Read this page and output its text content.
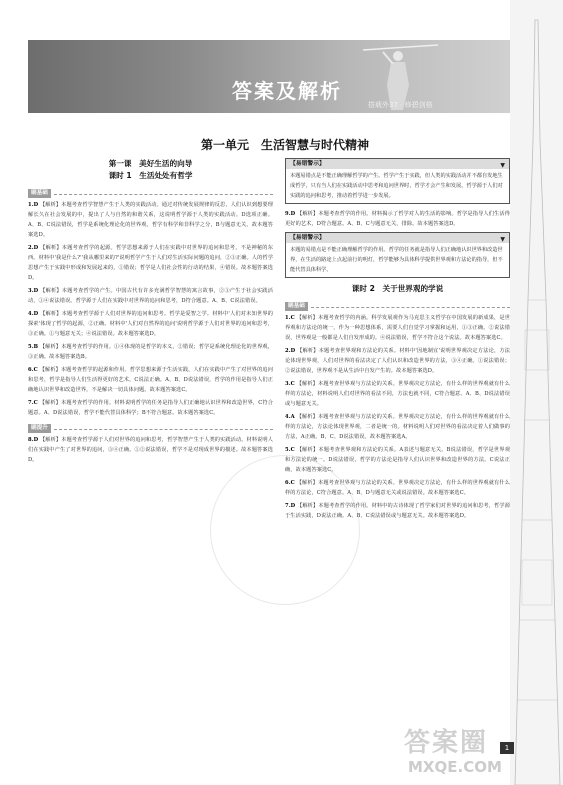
答案及解析
搭载外37 · 修碧剑格
第一单元　生活智慧与时代精神
第一课　美好生活的向导
课时 1　生活处处有哲学
刷基础
1.D 【解析】本题考查哲学智慧产生于人类的实践活动。通过对传统发展规律的反思，人们认识到想要理解长久在社会发展的中，提出了人与自然的和谐关系，这说明哲学源于人类的实践活动。D选项正确。A、B、C说法错误，哲学是系统化理论化的世界观，哲学有科学和非科学之分，B与题意无关。故本题答案选D。
2.D 【解析】本题考查哲学的起源。哲学思想来源于人们在实践中对世界的追问和思考，不是神秘的东西。材料中'我是什么?''我从哪里来的?'说明哲学产生于人们对生活实际问题的追问，②③正确。人的哲学思想产生于实践中形成和发展起来的，①错误；哲学是人们社会性的行动的结果，④错误。故本题答案选D。
3.D 【解析】本题考查哲学的产生。中国古代有许多充满哲学智慧的寓言故事，②③产生于社会实践活动，①④说法错误。哲学源于人们在实践中对世界的追问和思考，D符合题意。A、B、C说法错误。
4.D 【解析】本题考查哲学源于人们对世界的追问和思考。哲学是爱智之学。材料中'人们对未知世界的探索'体现了哲学的起源，②正确。材料中'人们对自然界的追问'说明哲学源于人们对世界的追问和思考，③正确。①与题意无关；④说法错误。故本题答案选D。
5.B 【解析】本题考查哲学的作用。①④体现的是哲学的本义，②错误；哲学是系统化理论化的世界观，③正确。故本题答案选B。
6.C 【解析】本题考查哲学的起源和作用。哲学思想来源于生活实践，人们在实践中产生了对世界的追问和思考，哲学是指导人们生活得更好的艺术，C说法正确。A、B、D说法错误，哲学的作用是指导人们正确地认识世界和改造世界，不是解决一切具体问题。故本题答案选C。
7.C 【解析】本题考查哲学的作用。材料说明哲学的任务是指导人们正确地认识世界和改造世界，C符合题意。A、D说法错误，哲学不能代替具体科学；B不符合题意。故本题答案选C。
刷提升
8.D 【解析】本题考查哲学源于人们对世界的追问和思考，哲学智慧产生于人类的实践活动。材料说明人们在实践中产生了对世界的追问，③④正确。①②说法错误，哲学不是对现成世界的描述。故本题答案选D。
【易错警示】	▼
本题易错点是不能正确理解哲学的产生。哲学产生于实践，但人类的实践活动并不都自发地生成哲学，只有当人们在实践活动中思考和追问世界时，哲学才会产生和发展。哲学源于人们对实践的追问和思考，推动着哲学进一步发展。
9.D 【解析】本题考查哲学的作用。材料揭示了哲学对人的生活的影响。哲学是指导人们生活得更好的艺术，D符合题意。A、B、C与题意无关，排除。故本题答案选D。
【易错警示】	▼
本题的易错点是不能正确理解哲学的作用。哲学的任务就是指导人们正确地认识世界和改造世界，在生活的路途上点起前行的明灯，哲学能够为具体科学提供世界观和方法论的指导，但不能代替具体科学。
课时 2　关于世界观的学说
刷基础
1.C 【解析】本题考查哲学的内涵。科学发展观作为马克思主义哲学在中国发展的新成果，是世界观和方法论的统一，作为一种思想体系，需要人们自觉学习掌握和运用，①③正确。②说法错误，世界观是一般都是人们自发形成的。④说法错误，哲学不符合这个说法。故本题答案选C。
2.D 【解析】本题考查世界观和方法论的关系。材料中'因地制宜'说明世界观决定方法论，方法论体现世界观，人们对世界的看法决定了人们认识和改造世界的方法，③④正确。①说法错误；②说法错误，世界观不是从生活中自发产生的。故本题答案选D。
3.C 【解析】本题考查世界观与方法论的关系。世界观决定方法论，有什么样的世界观就有什么样的方法论，材料说明人们对世界的看法不同，方法也就不同，C符合题意。A、B、D说法错误或与题意无关。
4.A 【解析】本题考查世界观与方法论的关系。世界观决定方法论，有什么样的世界观就有什么样的方法论，方法论体现世界观，二者是统一的。材料说明人们对世界的看法决定着人们做事的方法，A正确。B、C、D说法错误。故本题答案选A。
5.C 【解析】本题考查世界观和方法论的关系。A表述与题意无关。B说法错误，哲学是世界观和方法论的统一。D说法错误，哲学的方法论是指导人们认识世界和改造世界的方法。C说法正确，故本题答案选C。
6.C 【解析】本题考查世界观与方法论的关系。世界观决定方法论，有什么样的世界观就有什么样的方法论，C符合题意。A、B、D与题意无关或说法错误。故本题答案选C。
7.D 【解析】本题考查哲学的作用。材料中的古诗体现了哲学家们对世界的追问和思考，哲学源于生活实践，D说法正确。A、B、C说法错误或与题意无关。故本题答案选D。
答案圈
MXQE.COM
1
